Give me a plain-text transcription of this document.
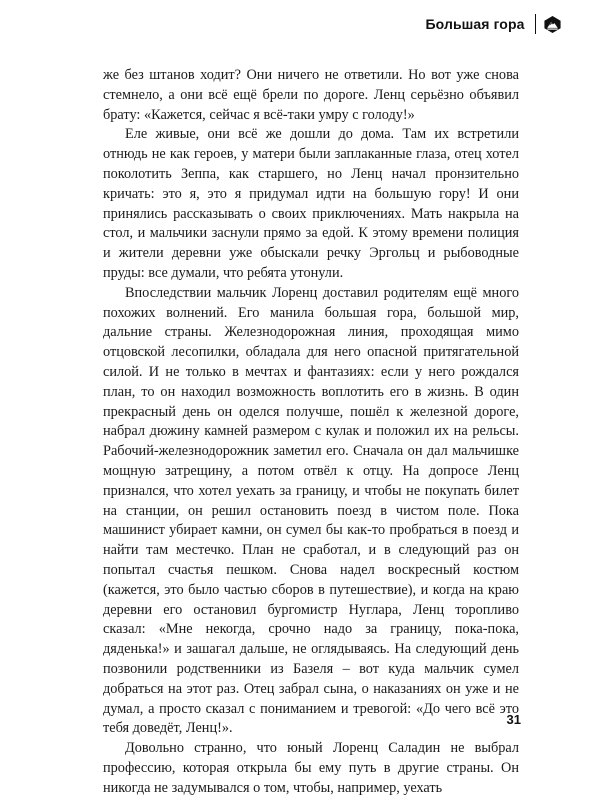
Большая гора

же без штанов ходит? Они ничего не ответили. Но вот уже снова стемнело, а они всё ещё брели по дороге. Ленц серьёзно объявил брату: «Кажется, сейчас я всё-таки умру с голоду!»

Еле живые, они всё же дошли до дома. Там их встретили отнюдь не как героев, у матери были заплаканные глаза, отец хотел поколотить Зеппа, как старшего, но Ленц начал пронзительно кричать: это я, это я придумал идти на большую гору! И они принялись рассказывать о своих приключениях. Мать накрыла на стол, и мальчики заснули прямо за едой. К этому времени полиция и жители деревни уже обыскали речку Эргольц и рыбоводные пруды: все думали, что ребята утонули.

Впоследствии мальчик Лоренц доставил родителям ещё много похожих волнений. Его манила большая гора, большой мир, дальние страны. Железнодорожная линия, проходящая мимо отцовской лесопилки, обладала для него опасной притягательной силой. И не только в мечтах и фантазиях: если у него рождался план, то он находил возможность воплотить его в жизнь. В один прекрасный день он оделся получше, пошёл к железной дороге, набрал дюжину камней размером с кулак и положил их на рельсы. Рабочий-железнодорожник заметил его. Сначала он дал мальчишке мощную затрещину, а потом отвёл к отцу. На допросе Ленц признался, что хотел уехать за границу, и чтобы не покупать билет на станции, он решил остановить поезд в чистом поле. Пока машинист убирает камни, он сумел бы как-то пробраться в поезд и найти там местечко. План не сработал, и в следующий раз он попытал счастья пешком. Снова надел воскресный костюм (кажется, это было частью сборов в путешествие), и когда на краю деревни его остановил бургомистр Нуглара, Ленц торопливо сказал: «Мне некогда, срочно надо за границу, пока-пока, дяденька!» и зашагал дальше, не оглядываясь. На следующий день позвонили родственники из Базеля – вот куда мальчик сумел добраться на этот раз. Отец забрал сына, о наказаниях он уже и не думал, а просто сказал с пониманием и тревогой: «До чего всё это тебя доведёт, Ленц!».

Довольно странно, что юный Лоренц Саладин не выбрал профессию, которая открыла бы ему путь в другие страны. Он никогда не задумывался о том, чтобы, например, уехать

31
